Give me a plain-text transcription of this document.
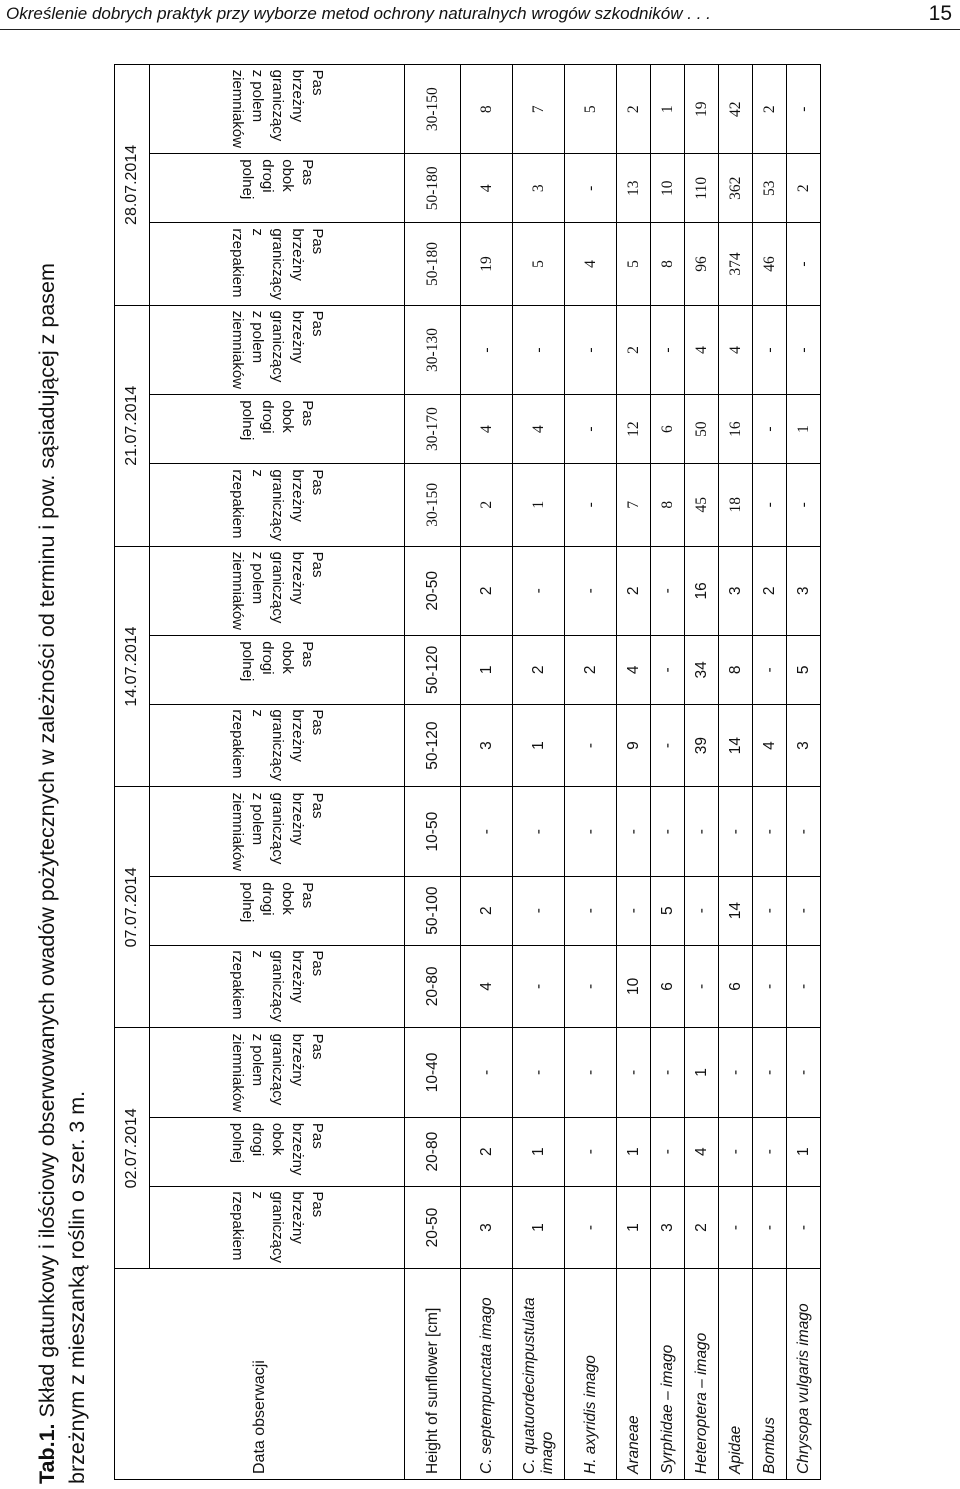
Określenie dobrych praktyk przy wyborze metod ochrony naturalnych wrogów szkodników . . .	15
Tab.1. Skład gatunkowy i ilościowy obserwowanych owadów pożytecznych w zależności od terminu i pow. sąsiadującej z pasem brzeżnym z mieszanką roślin o szer. 3 m.	Data obserwacji	02.07.2014			07.07.2014			14.07.2014			21.07.2014			28.07.2014		

	Pas brzeżny graniczący z rzepakiem	Pas brzeżny obok drogi polnej	Pas brzeżny graniczący z polem ziemniaków	Pas brzeżny graniczący z rzepakiem	Pas obok drogi polnej	Pas brzeżny graniczący z polem ziemniaków	Pas brzeżny graniczący z rzepakiem	Pas obok drogi polnej	Pas brzeżny graniczący z polem ziemniaków	Pas brzeżny graniczący z rzepakiem	Pas obok drogi polnej	Pas brzeżny graniczący z polem ziemniaków	Pas brzeżny graniczący z rzepakiem	Pas obok drogi polnej	Pas brzeżny graniczący z polem ziemniaków

Height of sunflower [cm]	20-50	20-80	10-40	20-80	50-100	10-50	50-120	50-120	20-50	30-150	30-170	30-130	50-180	50-180	30-150
C. septempunctata imago	3	2	-	4	2	-	3	1	2	2	4	-	19	4	8
C. quatuordecimpustulata imago	1	1	-	-	-	-	1	2	-	1	4	-	5	3	7
H. axyridis imago	-	-	-	-	-	-	-	2	-	-	-	-	4	-	5
Araneae	1	1	-	10	-	-	9	4	2	7	12	2	5	13	2
Syrphidae – imago	3	-	-	6	5	-	-	-	-	8	6	-	8	10	1
Heteroptera – imago	2	4	1	-	-	-	39	34	16	45	50	4	96	110	19
Apidae	-	-	-	6	14	-	14	8	3	18	16	4	374	362	42
Bombus	-	-	-	-	-	-	4	-	2	-	-	-	46	53	2
Chrysopa vulgaris imago	-	1	-	-	-	-	3	5	3	-	1	-	-	2	-
